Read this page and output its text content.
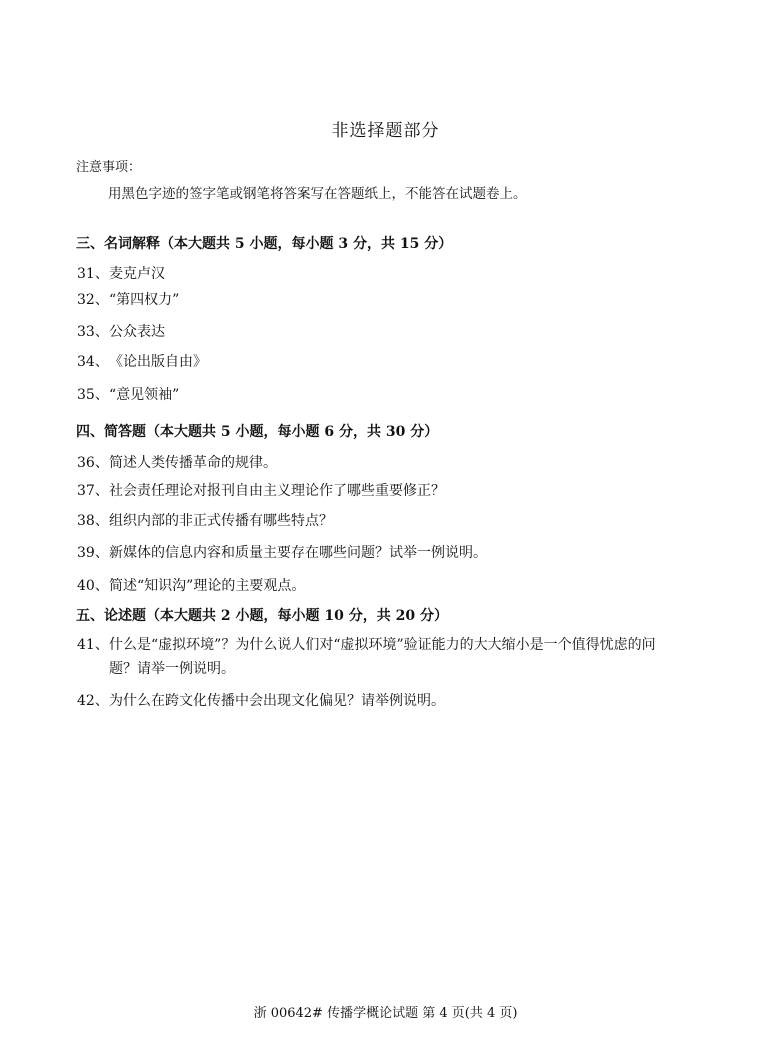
非选择题部分
注意事项：
用黑色字迹的签字笔或钢笔将答案写在答题纸上，不能答在试题卷上。
三、名词解释（本大题共 5 小题，每小题 3 分，共 15 分）
31、麦克卢汉
32、“第四权力”
33、公众表达
34、《论出版自由》
35、“意见领袖”
四、简答题（本大题共 5 小题，每小题 6 分，共 30 分）
36、简述人类传播革命的规律。
37、社会责任理论对报刊自由主义理论作了哪些重要修正？
38、组织内部的非正式传播有哪些特点？
39、新媒体的信息内容和质量主要存在哪些问题？试举一例说明。
40、简述“知识沟”理论的主要观点。
五、论述题（本大题共 2 小题，每小题 10 分，共 20 分）
41、 什么是“虚拟环境”？为什么说人们对“虚拟环境”验证能力的大大缩小是一个值得忧虑的问题？请举一例说明。
42、为什么在跨文化传播中会出现文化偏见？请举例说明。
浙 00642# 传播学概论试题 第 4 页(共 4 页)
